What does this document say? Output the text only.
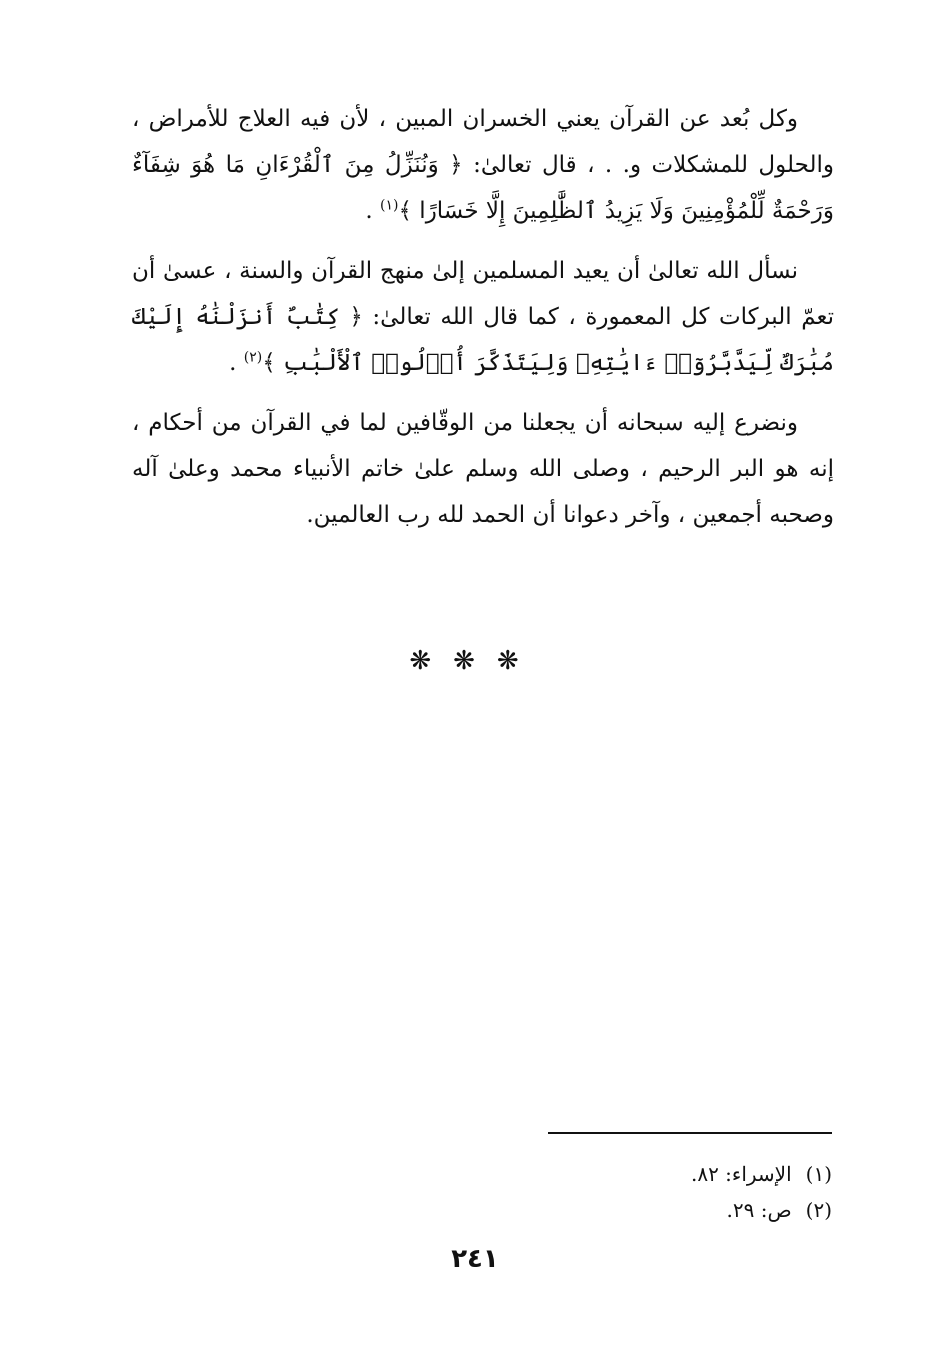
وكل بُعد عن القرآن يعني الخسران المبين ، لأن فيه العلاج للأمراض ، والحلول للمشكلات و. . ، قال تعالىٰ: ﴿ وَنُنَزِّلُ مِنَ ٱلْقُرْءَانِ مَا هُوَ شِفَآءٌ وَرَحْمَةٌ لِّلْمُؤْمِنِينَ وَلَا يَزِيدُ ٱلظَّٰلِمِينَ إِلَّا خَسَارًا ﴾$^{(١)}$ .

نسأل الله تعالىٰ أن يعيد المسلمين إلىٰ منهج القرآن والسنة ، عسىٰ أن تعمّ البركات كل المعمورة ، كما قال الله تعالىٰ: ﴿ كِتَٰبٌ أَنزَلْنَٰهُ إِلَيْكَ مُبَٰرَكٌ لِّيَدَّبَّرُوٓا۟ ءَايَٰتِهِۦ وَلِيَتَذَكَّرَ أُو۟لُوا۟ ٱلْأَلْبَٰبِ ﴾$^{(٢)}$ .

ونضرع إليه سبحانه أن يجعلنا من الوقّافين لما في القرآن من أحكام ، إنه هو البر الرحيم ، وصلى الله وسلم علىٰ خاتم الأنبياء محمد وعلىٰ آله وصحبه أجمعين ، وآخر دعوانا أن الحمد لله رب العالمين.

❋❋❋
(١)الإسراء: ٨٢.
(٢)ص: ٢٩.
٢٤١
